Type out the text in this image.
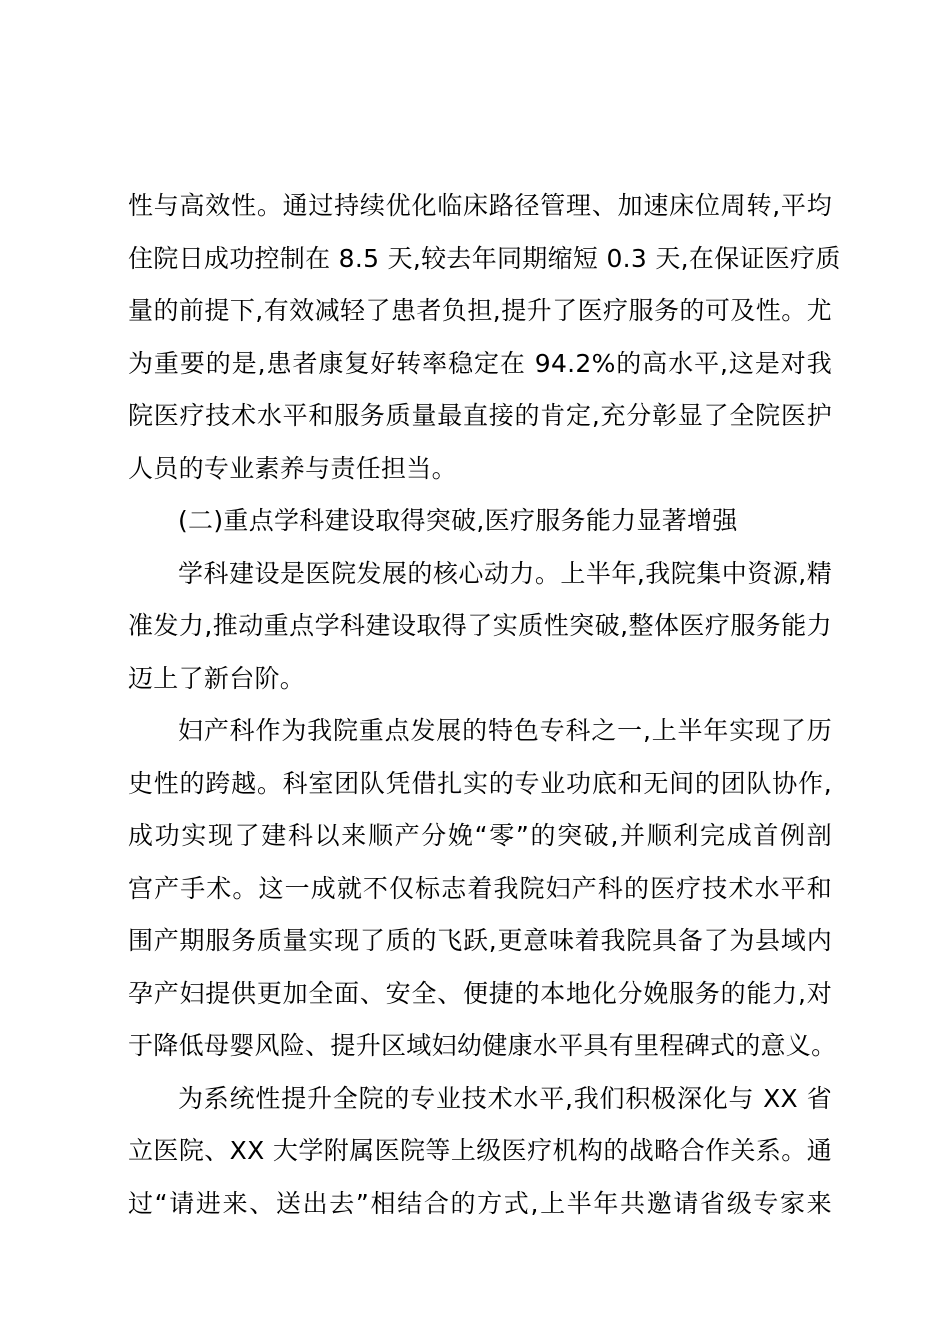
性与高效性。通过持续优化临床路径管理、加速床位周转,平均
住院日成功控制在 8.5 天,较去年同期缩短 0.3 天,在保证医疗质
量的前提下,有效减轻了患者负担,提升了医疗服务的可及性。尤
为重要的是,患者康复好转率稳定在 94.2%的高水平,这是对我
院医疗技术水平和服务质量最直接的肯定,充分彰显了全院医护
人员的专业素养与责任担当。
(二)重点学科建设取得突破,医疗服务能力显著增强
学科建设是医院发展的核心动力。上半年,我院集中资源,精
准发力,推动重点学科建设取得了实质性突破,整体医疗服务能力
迈上了新台阶。
妇产科作为我院重点发展的特色专科之一,上半年实现了历
史性的跨越。科室团队凭借扎实的专业功底和无间的团队协作,
成功实现了建科以来顺产分娩“零”的突破,并顺利完成首例剖
宫产手术。这一成就不仅标志着我院妇产科的医疗技术水平和
围产期服务质量实现了质的飞跃,更意味着我院具备了为县域内
孕产妇提供更加全面、安全、便捷的本地化分娩服务的能力,对
于降低母婴风险、提升区域妇幼健康水平具有里程碑式的意义。
为系统性提升全院的专业技术水平,我们积极深化与 XX 省
立医院、XX 大学附属医院等上级医疗机构的战略合作关系。通
过“请进来、送出去”相结合的方式,上半年共邀请省级专家来
